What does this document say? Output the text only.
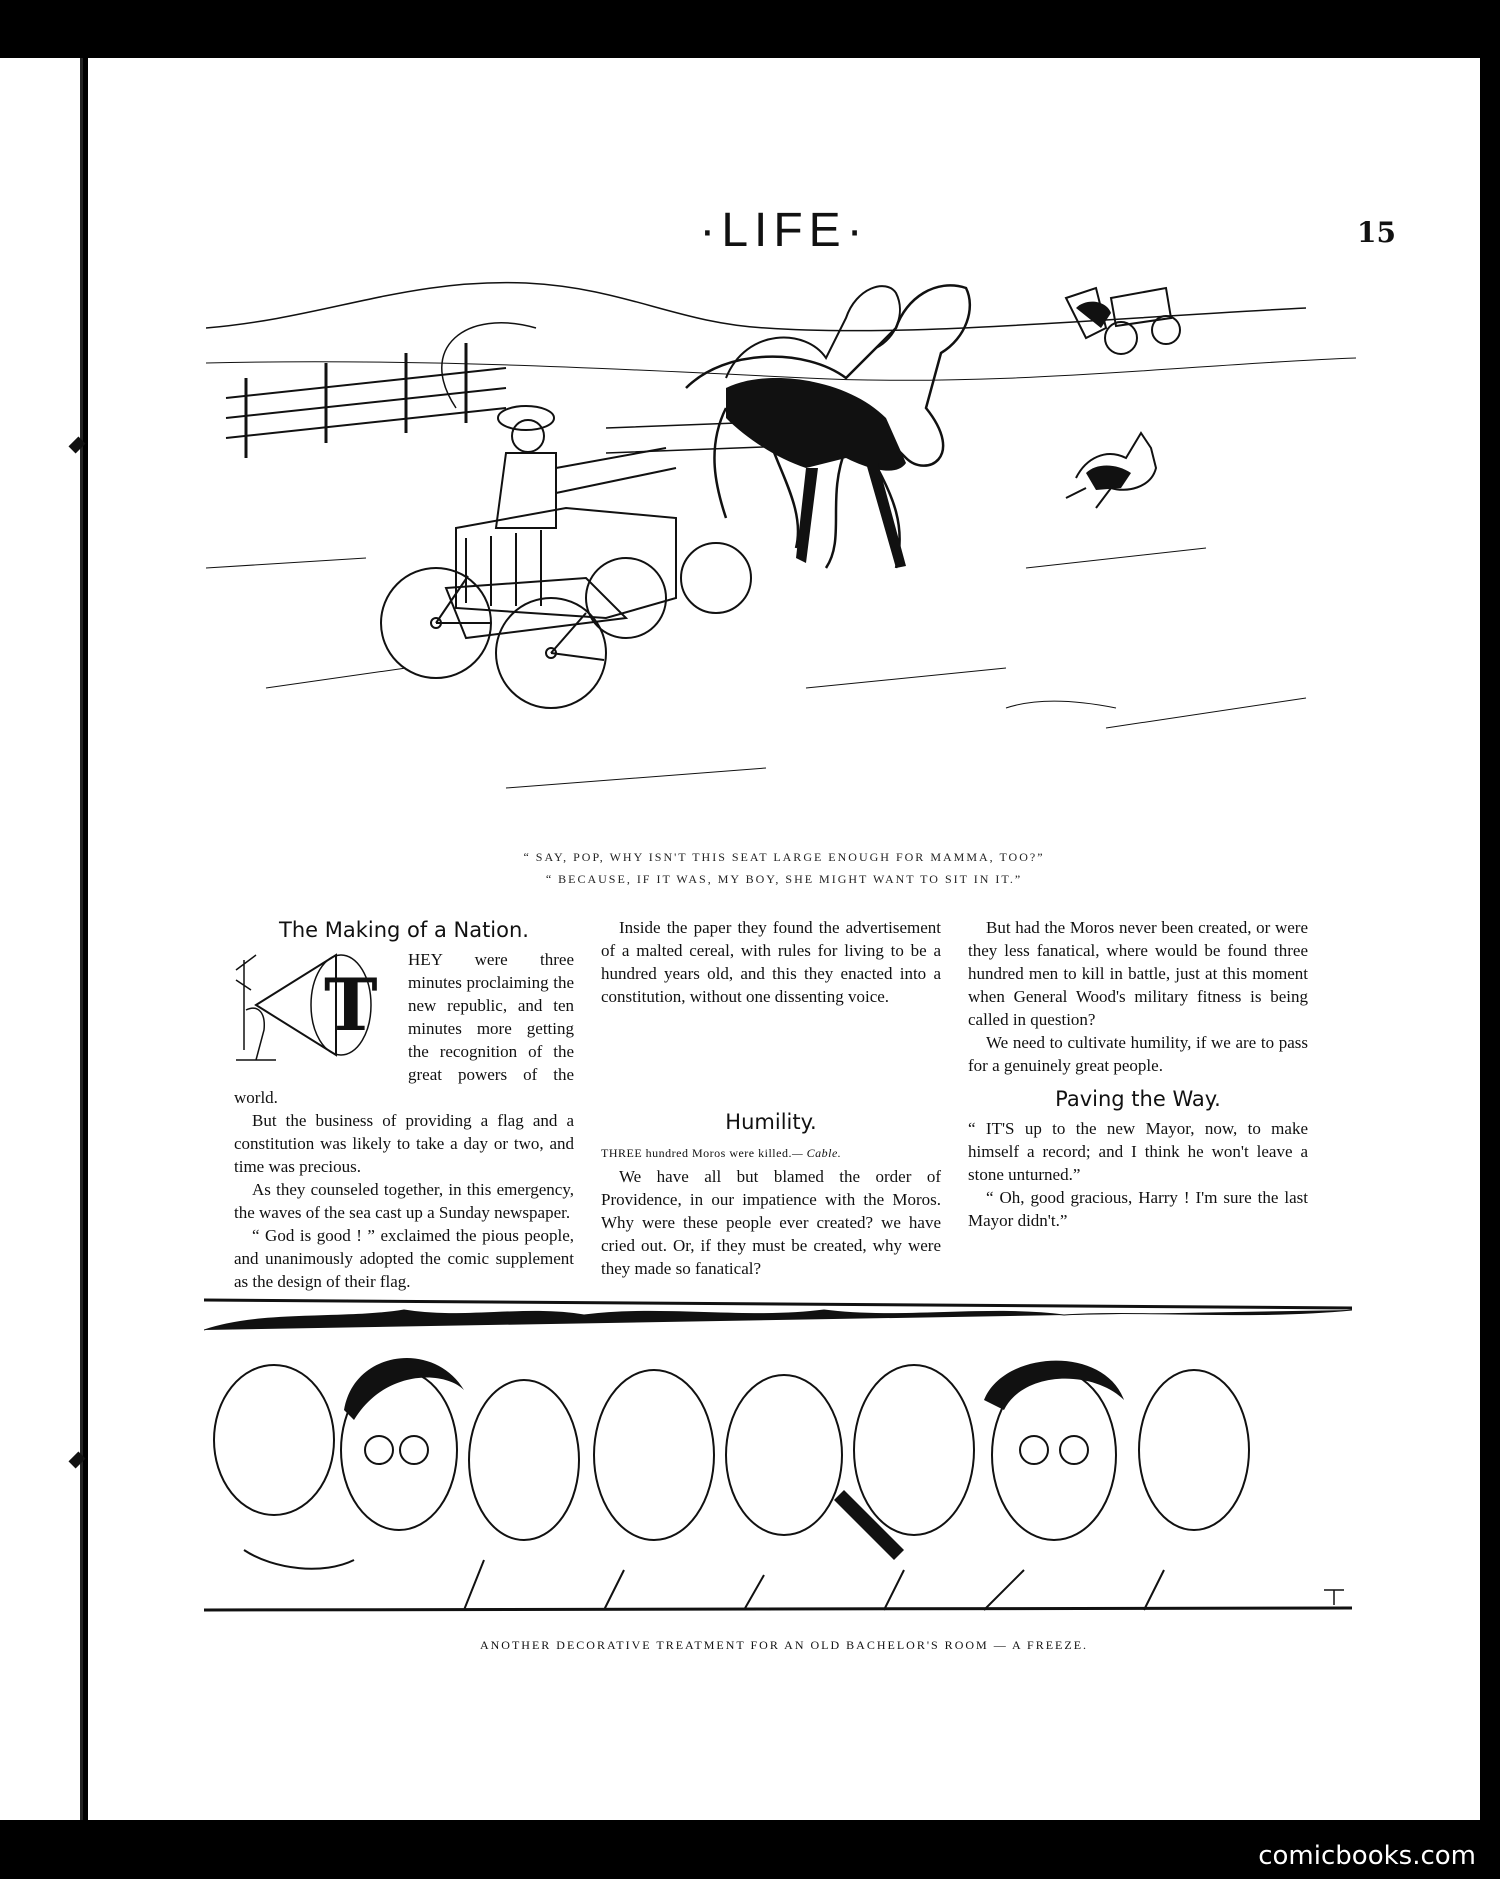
·LIFE·	15
“ SAY, POP, WHY ISN'T THIS SEAT LARGE ENOUGH FOR MAMMA, TOO?”
“ BECAUSE, IF IT WAS, MY BOY, SHE MIGHT WANT TO SIT IN IT.”
The Making of a Nation.
T

HEY were three minutes proclaiming the new republic, and ten minutes more getting the recognition of the great powers of the world.

But the business of providing a flag and a constitution was likely to take a day or two, and time was precious.

As they counseled together, in this emergency, the waves of the sea cast up a Sunday newspaper.

“ God is good ! ” exclaimed the pious people, and unanimously adopted the comic supplement as the design of their flag.

Inside the paper they found the advertisement of a malted cereal, with rules for living to be a hundred years old, and this they enacted into a constitution, without one dissenting voice.

Humility.

THREE hundred Moros were killed.— Cable.

We have all but blamed the order of Providence, in our impatience with the Moros. Why were these people ever created? we have cried out. Or, if they must be created, why were they made so fanatical?

But had the Moros never been created, or were they less fanatical, where would be found three hundred men to kill in battle, just at this moment when General Wood's military fitness is being called in question?

We need to cultivate humility, if we are to pass for a genuinely great people.

Paving the Way.

“ IT'S up to the new Mayor, now, to make himself a record; and I think he won't leave a stone unturned.”

“ Oh, good gracious, Harry ! I'm sure the last Mayor didn't.”

ANOTHER DECORATIVE TREATMENT FOR AN OLD BACHELOR'S ROOM — A FREEZE.
comicbooks.com
